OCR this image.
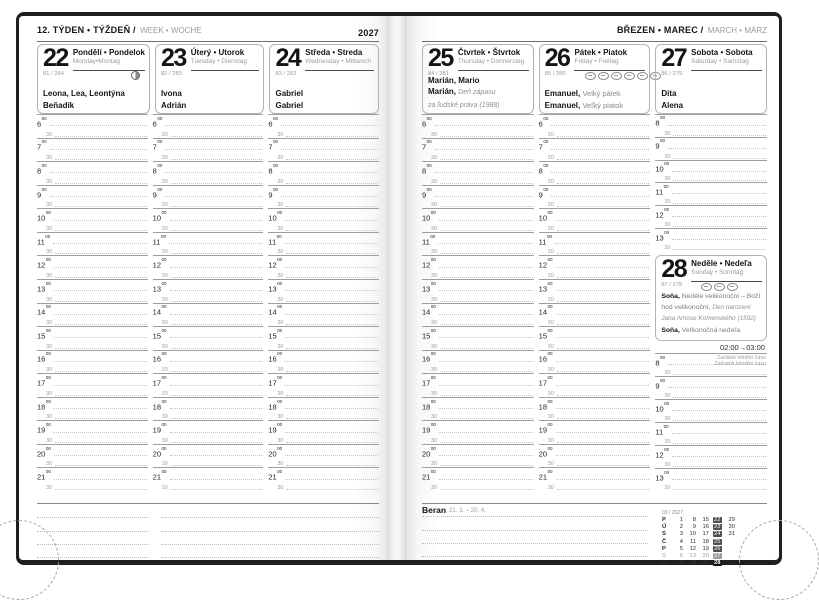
12. TÝDEN • TÝŽDEŇ / WEEK • WOCHE	2027
22
81 / 284
Pondělí • Pondelok
Monday•Montag
Leona, Lea, Leontýna
Beňadík
23
82 / 283
Úterý • Utorok
Tuesday • Dienstag
Ivona
Adrián
24
83 / 282
Středa • Streda
Wednesday • Mittwoch
Gabriel
Gabriel
$6^{00}$
30
$7^{00}$
30
$8^{00}$
30
$9^{00}$
30
$10^{00}$
30
$11^{00}$
30
$12^{00}$
30
$13^{00}$
30
$14^{00}$
30
$15^{00}$
30
$16^{00}$
30
$17^{00}$
30
$18^{00}$
30
$19^{00}$
30
$20^{00}$
30
$21^{00}$
30
$6^{00}$
30
$7^{00}$
30
$8^{00}$
30
$9^{00}$
30
$10^{00}$
30
$11^{00}$
30
$12^{00}$
30
$13^{00}$
30
$14^{00}$
30
$15^{00}$
30
$16^{00}$
30
$17^{00}$
30
$18^{00}$
30
$19^{00}$
30
$20^{00}$
30
$21^{00}$
30
$6^{00}$
30
$7^{00}$
30
$8^{00}$
30
$9^{00}$
30
$10^{00}$
30
$11^{00}$
30
$12^{00}$
30
$13^{00}$
30
$14^{00}$
30
$15^{00}$
30
$16^{00}$
30
$17^{00}$
30
$18^{00}$
30
$19^{00}$
30
$20^{00}$
30
$21^{00}$
30
BŘEZEN • MAREC / MARCH • MÄRZ
25
84 / 281
Čtvrtek • Štvrtok
Thursday • Donnerstag
Marián, Mario
Marián, Deň zápasu
za ľudské práva (1988)
26
85 / 280
Pátek • Piatok
Friday • Freitag
Emanuel, Velký pátek
Emanuel, Veľký piatok
27
86 / 279
Sobota • Sobota
Saturday • Samstag
Dita
Alena
$6^{00}$
30
$7^{00}$
30
$8^{00}$
30
$9^{00}$
30
$10^{00}$
30
$11^{00}$
30
$12^{00}$
30
$13^{00}$
30
$14^{00}$
30
$15^{00}$
30
$16^{00}$
30
$17^{00}$
30
$18^{00}$
30
$19^{00}$
30
$20^{00}$
30
$21^{00}$
30
$6^{00}$
30
$7^{00}$
30
$8^{00}$
30
$9^{00}$
30
$10^{00}$
30
$11^{00}$
30
$12^{00}$
30
$13^{00}$
30
$14^{00}$
30
$15^{00}$
30
$16^{00}$
30
$17^{00}$
30
$18^{00}$
30
$19^{00}$
30
$20^{00}$
30
$21^{00}$
30
$8^{00}$
30
$9^{00}$
30
$10^{00}$
30
$11^{00}$
30
$12^{00}$
30
$13^{00}$
30
28
87 / 278
Neděle • Nedeľa
Sunday • Sonntag
Soňa, Neděle velikonoční – Boží hod velikonoční, Den narození Jana Amose Komenského (1592)
Soňa, Veľkonočná nedeľa
02:00→03:00
$8^{00}$
30
$9^{00}$
30
$10^{00}$
30
$11^{00}$
30
$12^{00}$
30
$13^{00}$
30
Začátek letního času
Začiatok letného času
Beran 21. 3. – 20. 4.	03 / 2027
P	1	8	15 22	29
Ú	2	9	16 23	30
S	3	10	17 24	31
Č	4	11	18 25
P	5	12	19 26
S	6	13	20 27
N	7	14	21 28
